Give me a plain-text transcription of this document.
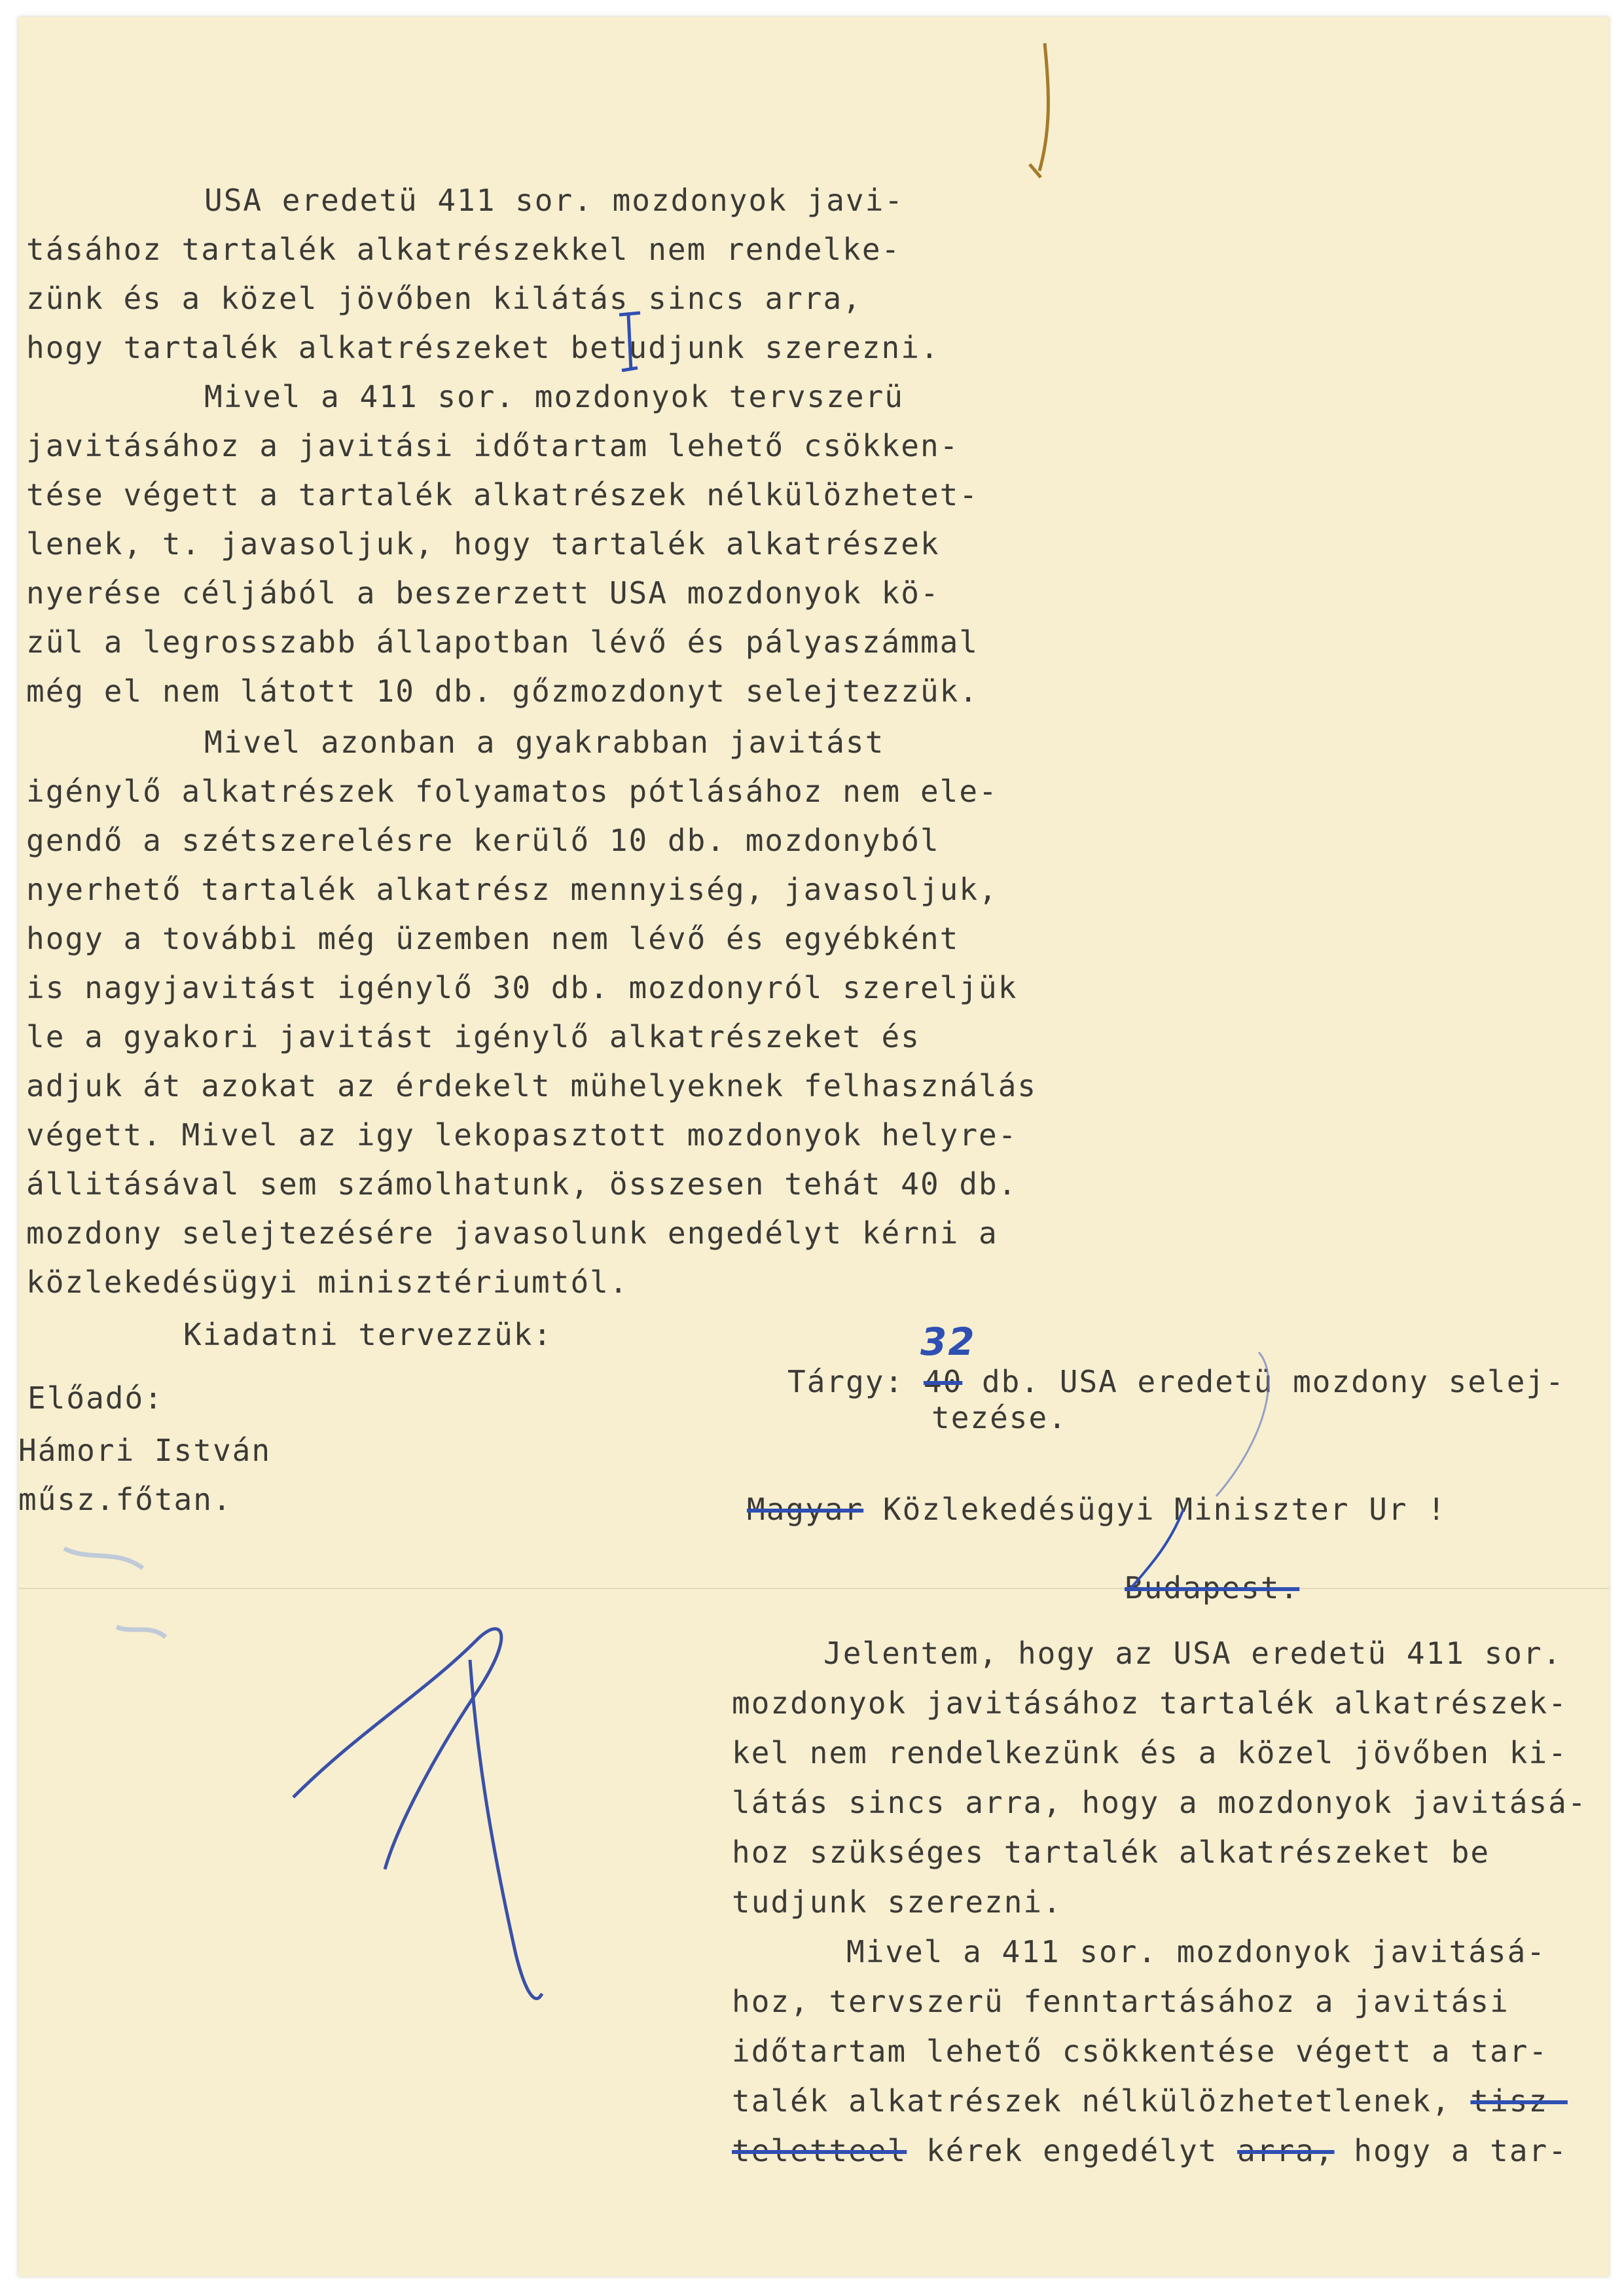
USA eredetü 411 sor. mozdonyok javi-
tásához tartalék alkatrészekkel nem rendelke-
zünk és a közel jövőben kilátás sincs arra,
hogy tartalék alkatrészeket betudjunk szerezni.
Mivel a 411 sor. mozdonyok tervszerü
javitásához a javitási időtartam lehető csökken-
tése végett a tartalék alkatrészek nélkülözhetet-
lenek, t. javasoljuk, hogy tartalék alkatrészek
nyerése céljából a beszerzett USA mozdonyok kö-
zül a legrosszabb állapotban lévő és pályaszámmal
még el nem látott 10 db. gőzmozdonyt selejtezzük.
Mivel azonban a gyakrabban javitást
igénylő alkatrészek folyamatos pótlásához nem ele-
gendő a szétszerelésre kerülő 10 db. mozdonyból
nyerhető tartalék alkatrész mennyiség, javasoljuk,
hogy a további még üzemben nem lévő és egyébként
is nagyjavitást igénylő 30 db. mozdonyról szereljük
le a gyakori javitást igénylő alkatrészeket és
adjuk át azokat az érdekelt mühelyeknek felhasználás
végett. Mivel az igy lekopasztott mozdonyok helyre-
állitásával sem számolhatunk, összesen tehát 40 db.
mozdony selejtezésére javasolunk engedélyt kérni a
közlekedésügyi minisztériumtól.
Kiadatni tervezzük:
Előadó:
Hámori István
műsz.főtan.
32
Tárgy: 40 db. USA eredetü mozdony selej-
tezése.
Magyar Közlekedésügyi Miniszter Ur !
Budapest.
Jelentem, hogy az USA eredetü 411 sor.
mozdonyok javitásához tartalék alkatrészek-
kel nem rendelkezünk és a közel jövőben ki-
látás sincs arra, hogy a mozdonyok javitásá-
hoz szükséges tartalék alkatrészeket be
tudjunk szerezni.
Mivel a 411 sor. mozdonyok javitásá-
hoz, tervszerü fenntartásához a javitási
időtartam lehető csökkentése végett a tar-
talék alkatrészek nélkülözhetetlenek, tisz-
teletteel kérek engedélyt arra, hogy a tar-
